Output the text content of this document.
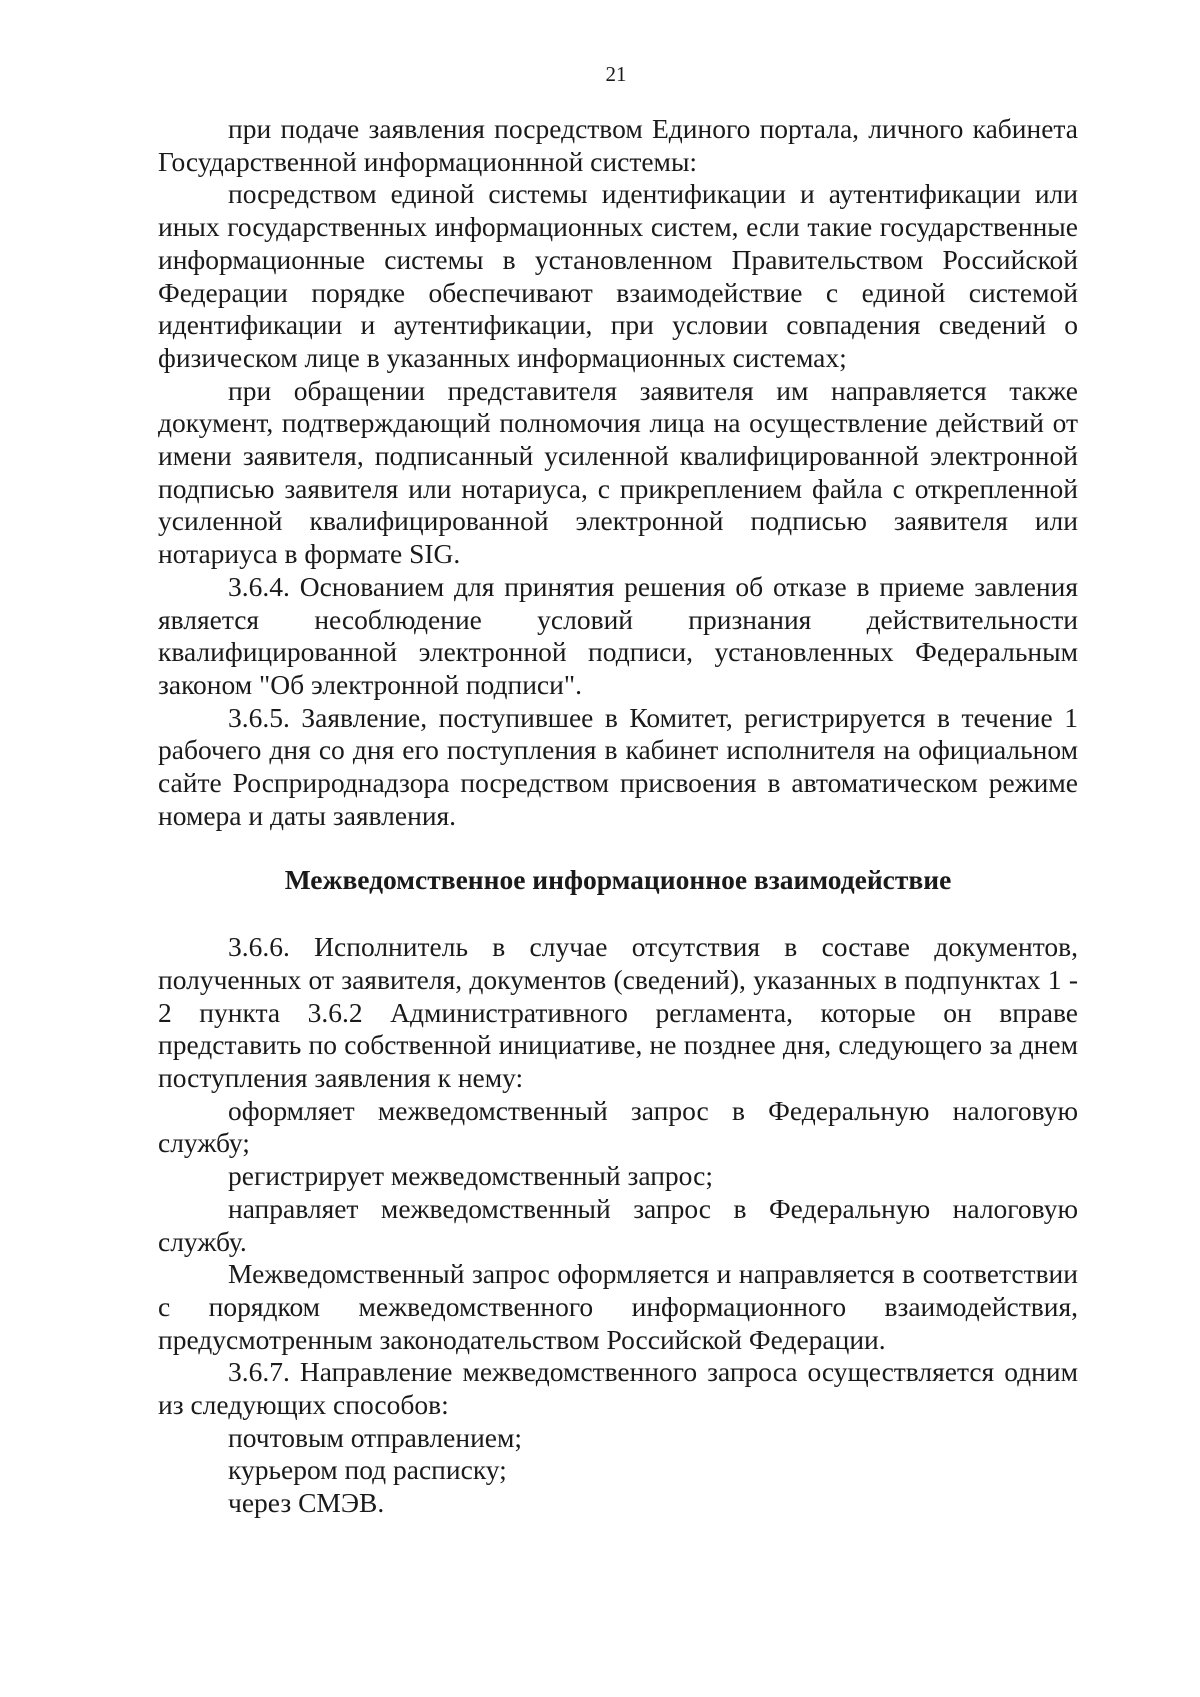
21

при подаче заявления посредством Единого портала, личного кабинета Государственной информационнной системы:

посредством единой системы идентификации и аутентификации или иных государственных информационных систем, если такие государственные информационные системы в установленном Правительством Российской Федерации порядке обеспечивают взаимодействие с единой системой идентификации и аутентификации, при условии совпадения сведений о физическом лице в указанных информационных системах;

при обращении представителя заявителя им направляется также документ, подтверждающий полномочия лица на осуществление действий от имени заявителя, подписанный усиленной квалифицированной электронной подписью заявителя или нотариуса, с прикреплением файла с открепленной усиленной квалифицированной электронной подписью заявителя или нотариуса в формате SIG.

3.6.4. Основанием для принятия решения об отказе в приеме завления является несоблюдение условий признания действительности квалифицированной электронной подписи, установленных Федеральным законом "Об электронной подписи".

3.6.5. Заявление, поступившее в Комитет, регистрируется в течение 1 рабочего дня со дня его поступления в кабинет исполнителя на официальном сайте Росприроднадзора посредством присвоения в автоматическом режиме номера и даты заявления.

Межведомственное информационное взаимодействие

3.6.6. Исполнитель в случае отсутствия в составе документов, полученных от заявителя, документов (сведений), указанных в подпунктах 1 - 2 пункта 3.6.2 Административного регламента, которые он вправе представить по собственной инициативе, не позднее дня, следующего за днем поступления заявления к нему:

оформляет межведомственный запрос в Федеральную налоговую службу;

регистрирует межведомственный запрос;

направляет межведомственный запрос в Федеральную налоговую службу.

Межведомственный запрос оформляется и направляется в соответствии с порядком межведомственного информационного взаимодействия, предусмотренным законодательством Российской Федерации.

3.6.7. Направление межведомственного запроса осуществляется одним из следующих способов:

почтовым отправлением;

курьером под расписку;

через СМЭВ.
